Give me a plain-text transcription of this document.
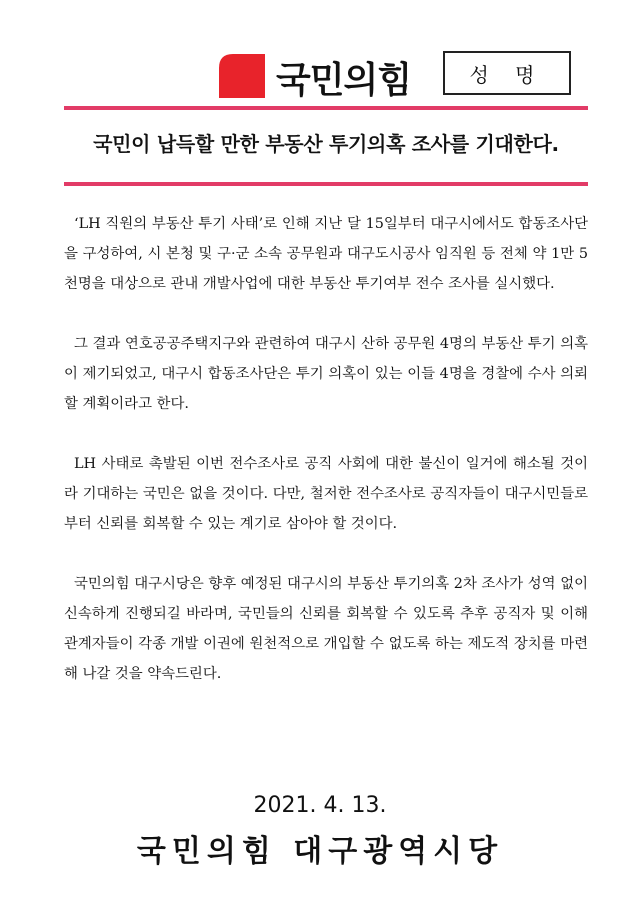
국민의힘	성 명
국민이 납득할 만한 부동산 투기의혹 조사를 기대한다.

‘LH 직원의 부동산 투기 사태’로 인해 지난 달 15일부터 대구시에서도 합동조사단을 구성하여, 시 본청 및 구·군 소속 공무원과 대구도시공사 임직원 등 전체 약 1만 5천명을 대상으로 관내 개발사업에 대한 부동산 투기여부 전수 조사를 실시했다.

그 결과 연호공공주택지구와 관련하여 대구시 산하 공무원 4명의 부동산 투기 의혹이 제기되었고, 대구시 합동조사단은 투기 의혹이 있는 이들 4명을 경찰에 수사 의뢰할 계획이라고 한다.

LH 사태로 촉발된 이번 전수조사로 공직 사회에 대한 불신이 일거에 해소될 것이라 기대하는 국민은 없을 것이다. 다만, 철저한 전수조사로 공직자들이 대구시민들로부터 신뢰를 회복할 수 있는 계기로 삼아야 할 것이다.

국민의힘 대구시당은 향후 예정된 대구시의 부동산 투기의혹 2차 조사가 성역 없이 신속하게 진행되길 바라며, 국민들의 신뢰를 회복할 수 있도록 추후 공직자 및 이해 관계자들이 각종 개발 이권에 원천적으로 개입할 수 없도록 하는 제도적 장치를 마련해 나갈 것을 약속드린다.

2021. 4. 13.
국민의힘 대구광역시당
